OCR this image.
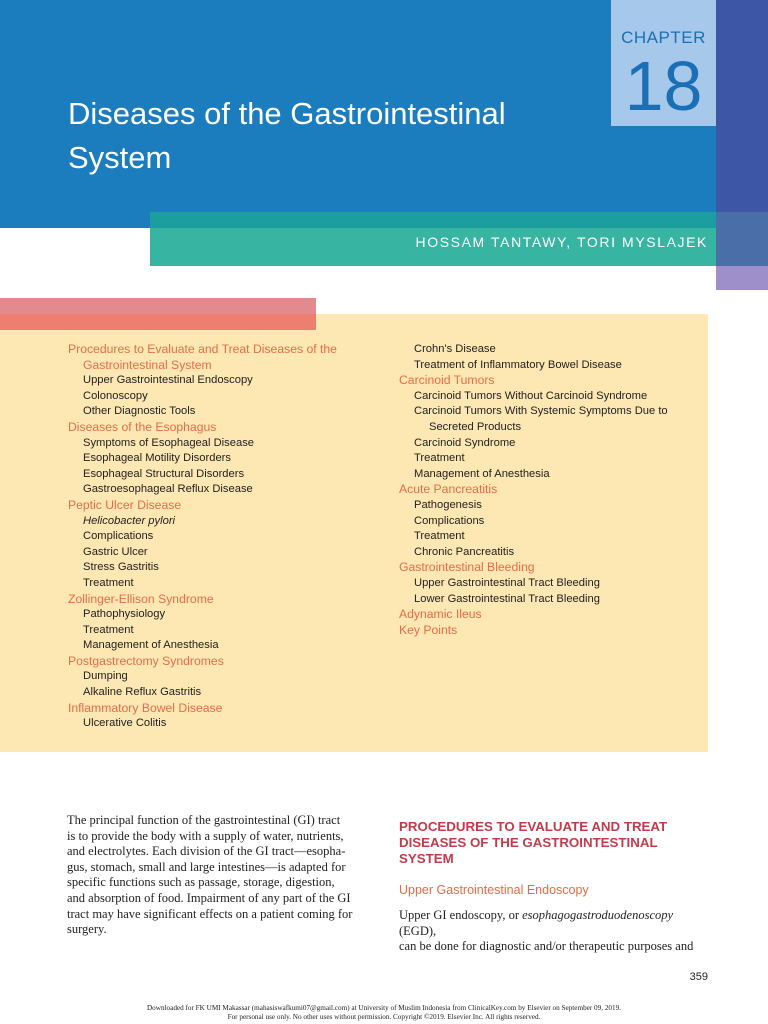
CHAPTER
18
Diseases of the Gastrointestinal
System
HOSSAM TANTAWY, TORI MYSLAJEK
Procedures to Evaluate and Treat Diseases of the
Gastrointestinal System
Upper Gastrointestinal Endoscopy
Colonoscopy
Other Diagnostic Tools
Diseases of the Esophagus
Symptoms of Esophageal Disease
Esophageal Motility Disorders
Esophageal Structural Disorders
Gastroesophageal Reflux Disease
Peptic Ulcer Disease
Helicobacter pylori
Complications
Gastric Ulcer
Stress Gastritis
Treatment
Zollinger-Ellison Syndrome
Pathophysiology
Treatment
Management of Anesthesia
Postgastrectomy Syndromes
Dumping
Alkaline Reflux Gastritis
Inflammatory Bowel Disease
Ulcerative Colitis
Crohn's Disease
Treatment of Inflammatory Bowel Disease
Carcinoid Tumors
Carcinoid Tumors Without Carcinoid Syndrome
Carcinoid Tumors With Systemic Symptoms Due to
Secreted Products
Carcinoid Syndrome
Treatment
Management of Anesthesia
Acute Pancreatitis
Pathogenesis
Complications
Treatment
Chronic Pancreatitis
Gastrointestinal Bleeding
Upper Gastrointestinal Tract Bleeding
Lower Gastrointestinal Tract Bleeding
Adynamic Ileus
Key Points
The principal function of the gastrointestinal (GI) tract
is to provide the body with a supply of water, nutrients,
and electrolytes. Each division of the GI tract—esopha-
gus, stomach, small and large intestines—is adapted for
specific functions such as passage, storage, digestion,
and absorption of food. Impairment of any part of the GI
tract may have significant effects on a patient coming for
surgery.
PROCEDURES TO EVALUATE AND TREAT
DISEASES OF THE GASTROINTESTINAL
SYSTEM
Upper Gastrointestinal Endoscopy
Upper GI endoscopy, or esophagogastroduodenoscopy (EGD),
can be done for diagnostic and/or therapeutic purposes and
359
Downloaded for FK UMI Makassar (mahasiswafkumi07@gmail.com) at University of Muslim Indonesia from ClinicalKey.com by Elsevier on September 09, 2019.
For personal use only. No other uses without permission. Copyright ©2019. Elsevier Inc. All rights reserved.
